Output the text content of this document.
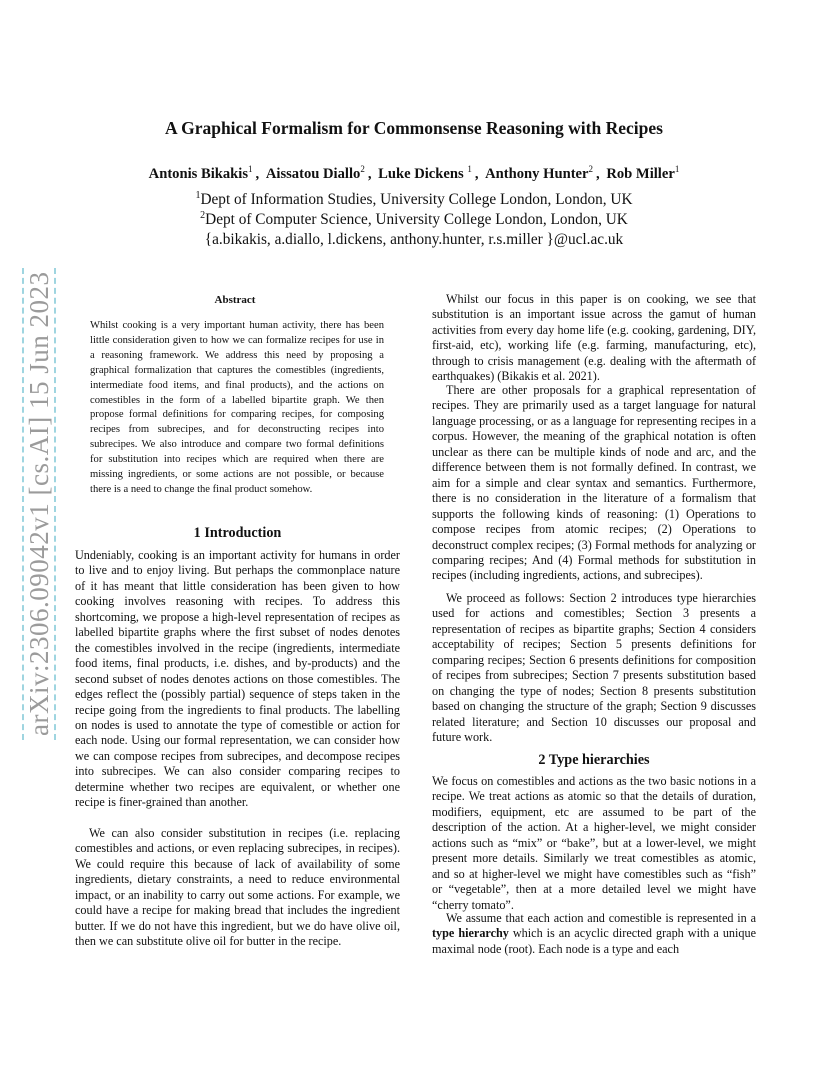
arXiv:2306.09042v1 [cs.AI] 15 Jun 2023
A Graphical Formalism for Commonsense Reasoning with Recipes
Antonis Bikakis$^1$ , Aissatou Diallo$^2$ , Luke Dickens $^1$ , Anthony Hunter$^2$ , Rob Miller$^1$
$^1$Dept of Information Studies, University College London, London, UK
$^2$Dept of Computer Science, University College London, London, UK
{a.bikakis, a.diallo, l.dickens, anthony.hunter, r.s.miller }@ucl.ac.uk
Abstract
Whilst cooking is a very important human activity, there has been little consideration given to how we can formalize recipes for use in a reasoning framework. We address this need by proposing a graphical formalization that captures the comestibles (ingredients, intermediate food items, and final products), and the actions on comestibles in the form of a labelled bipartite graph. We then propose formal definitions for comparing recipes, for composing recipes from subrecipes, and for deconstructing recipes into subrecipes. We also introduce and compare two formal definitions for substitution into recipes which are required when there are missing ingredients, or some actions are not possible, or because there is a need to change the final product somehow.
1 Introduction
Undeniably, cooking is an important activity for humans in order to live and to enjoy living. But perhaps the commonplace nature of it has meant that little consideration has been given to how cooking involves reasoning with recipes. To address this shortcoming, we propose a high-level representation of recipes as labelled bipartite graphs where the first subset of nodes denotes the comestibles involved in the recipe (ingredients, intermediate food items, final products, i.e. dishes, and by-products) and the second subset of nodes denotes actions on those comestibles. The edges reflect the (possibly partial) sequence of steps taken in the recipe going from the ingredients to final products. The labelling on nodes is used to annotate the type of comestible or action for each node. Using our formal representation, we can consider how we can compose recipes from subrecipes, and decompose recipes into subrecipes. We can also consider comparing recipes to determine whether two recipes are equivalent, or whether one recipe is finer-grained than another.
We can also consider substitution in recipes (i.e. replacing comestibles and actions, or even replacing subrecipes, in recipes). We could require this because of lack of availability of some ingredients, dietary constraints, a need to reduce environmental impact, or an inability to carry out some actions. For example, we could have a recipe for making bread that includes the ingredient butter. If we do not have this ingredient, but we do have olive oil, then we can substitute olive oil for butter in the recipe.
Whilst our focus in this paper is on cooking, we see that substitution is an important issue across the gamut of human activities from every day home life (e.g. cooking, gardening, DIY, first-aid, etc), working life (e.g. farming, manufacturing, etc), through to crisis management (e.g. dealing with the aftermath of earthquakes) (Bikakis et al. 2021).
There are other proposals for a graphical representation of recipes. They are primarily used as a target language for natural language processing, or as a language for representing recipes in a corpus. However, the meaning of the graphical notation is often unclear as there can be multiple kinds of node and arc, and the difference between them is not formally defined. In contrast, we aim for a simple and clear syntax and semantics. Furthermore, there is no consideration in the literature of a formalism that supports the following kinds of reasoning: (1) Operations to compose recipes from atomic recipes; (2) Operations to deconstruct complex recipes; (3) Formal methods for analyzing or comparing recipes; And (4) Formal methods for substitution in recipes (including ingredients, actions, and subrecipes).
We proceed as follows: Section 2 introduces type hierarchies used for actions and comestibles; Section 3 presents a representation of recipes as bipartite graphs; Section 4 considers acceptability of recipes; Section 5 presents definitions for comparing recipes; Section 6 presents definitions for composition of recipes from subrecipes; Section 7 presents substitution based on changing the type of nodes; Section 8 presents substitution based on changing the structure of the graph; Section 9 discusses related literature; and Section 10 discusses our proposal and future work.
2 Type hierarchies
We focus on comestibles and actions as the two basic notions in a recipe. We treat actions as atomic so that the details of duration, modifiers, equipment, etc are assumed to be part of the description of the action. At a higher-level, we might consider actions such as “mix” or “bake”, but at a lower-level, we might present more details. Similarly we treat comestibles as atomic, and so at higher-level we might have comestibles such as “fish” or “vegetable”, then at a more detailed level we might have “cherry tomato”.
We assume that each action and comestible is represented in a type hierarchy which is an acyclic directed graph with a unique maximal node (root). Each node is a type and each
